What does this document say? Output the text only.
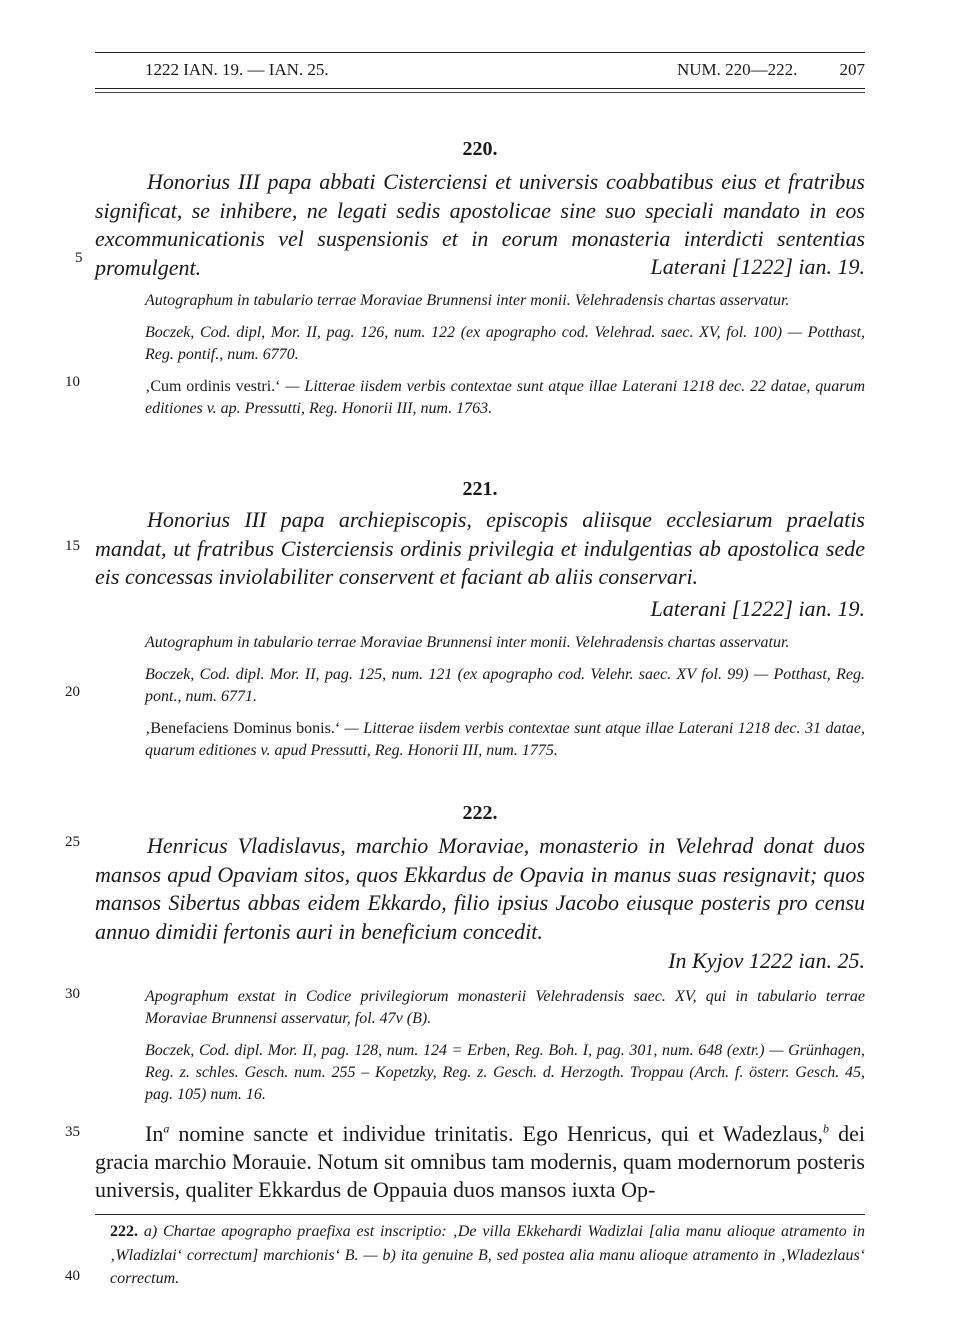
1222 IAN. 19. — IAN. 25.	NUM. 220—222. 207
5
10
15
20
25
30
35
40
220.

Honorius III papa abbati Cisterciensi et universis coabbatibus eius et fratribus significat, se inhibere, ne legati sedis apostolicae sine suo speciali mandato in eos excommunicationis vel suspensionis et in eorum monasteria interdicti sententias promulgent.	Laterani [1222] ian. 19.

Autographum in tabulario terrae Moraviae Brunnensi inter monii. Velehradensis chartas asservatur.

Boczek, Cod. dipl, Mor. II, pag. 126, num. 122 (ex apographo cod. Velehrad. saec. XV, fol. 100) — Potthast, Reg. pontif., num. 6770.

‚Cum ordinis vestri.‘ — Litterae iisdem verbis contextae sunt atque illae Laterani 1218 dec. 22 datae, quarum editiones v. ap. Pressutti, Reg. Honorii III, num. 1763.

221.

Honorius III papa archiepiscopis, episcopis aliisque ecclesiarum praelatis mandat, ut fratribus Cisterciensis ordinis privilegia et indulgentias ab apostolica sede eis concessas inviolabiliter conservent et faciant ab aliis conservari.

Laterani [1222] ian. 19.

Autographum in tabulario terrae Moraviae Brunnensi inter monii. Velehradensis chartas asservatur.

Boczek, Cod. dipl. Mor. II, pag. 125, num. 121 (ex apographo cod. Velehr. saec. XV fol. 99) — Potthast, Reg. pont., num. 6771.

‚Benefaciens Dominus bonis.‘ — Litterae iisdem verbis contextae sunt atque illae Laterani 1218 dec. 31 datae, quarum editiones v. apud Pressutti, Reg. Honorii III, num. 1775.

222.

Henricus Vladislavus, marchio Moraviae, monasterio in Velehrad donat duos mansos apud Opaviam sitos, quos Ekkardus de Opavia in manus suas resignavit; quos mansos Sibertus abbas eidem Ekkardo, filio ipsius Jacobo eiusque posteris pro censu annuo dimidii fertonis auri in beneficium concedit.

In Kyjov 1222 ian. 25.

Apographum exstat in Codice privilegiorum monasterii Velehradensis saec. XV, qui in tabulario terrae Moraviae Brunnensi asservatur, fol. 47v (B).

Boczek, Cod. dipl. Mor. II, pag. 128, num. 124 = Erben, Reg. Boh. I, pag. 301, num. 648 (extr.) — Grünhagen, Reg. z. schles. Gesch. num. 255 – Kopetzky, Reg. z. Gesch. d. Herzogth. Troppau (Arch. f. österr. Gesch. 45, pag. 105) num. 16.

In$^a$ nomine sancte et individue trinitatis. Ego Henricus, qui et Wadezlaus,$^b$ dei gracia marchio Morauie. Notum sit omnibus tam modernis, quam modernorum posteris universis, qualiter Ekkardus de Oppauia duos mansos iuxta Op-

222. a) Chartae apographo praefixa est inscriptio: ‚De villa Ekkehardi Wadizlai [alia manu alioque atramento in ‚Wladizlai‘ correctum] marchionis‘ B. — b) ita genuine B, sed postea alia manu alioque atramento in ‚Wladezlaus‘ correctum.
